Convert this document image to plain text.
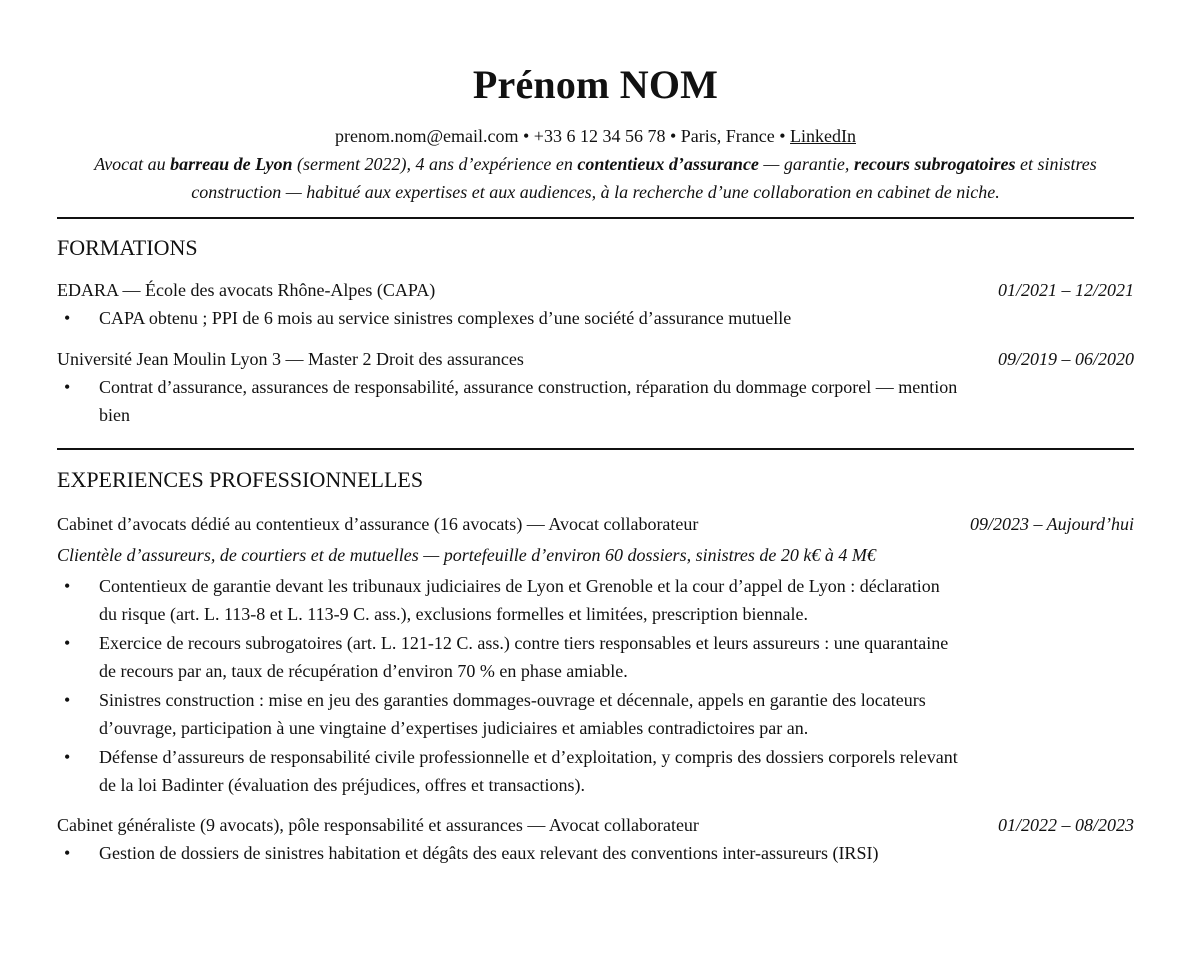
Prénom NOM
prenom.nom@email.com • +33 6 12 34 56 78 • Paris, France • LinkedIn
Avocat au barreau de Lyon (serment 2022), 4 ans d’expérience en contentieux d’assurance — garantie, recours subrogatoires et sinistres construction — habitué aux expertises et aux audiences, à la recherche d’une collaboration en cabinet de niche.
FORMATIONS
EDARA — École des avocats Rhône-Alpes (CAPA)	01/2021 – 12/2021
• CAPA obtenu ; PPI de 6 mois au service sinistres complexes d’une société d’assurance mutuelle
Université Jean Moulin Lyon 3 — Master 2 Droit des assurances	09/2019 – 06/2020
• Contrat d’assurance, assurances de responsabilité, assurance construction, réparation du dommage corporel — mention bien
EXPERIENCES PROFESSIONNELLES
Cabinet d’avocats dédié au contentieux d’assurance (16 avocats) — Avocat collaborateur	09/2023 – Aujourd’hui
Clientèle d’assureurs, de courtiers et de mutuelles — portefeuille d’environ 60 dossiers, sinistres de 20 k€ à 4 M€
• Contentieux de garantie devant les tribunaux judiciaires de Lyon et Grenoble et la cour d’appel de Lyon : déclaration du risque (art. L. 113-8 et L. 113-9 C. ass.), exclusions formelles et limitées, prescription biennale.
• Exercice de recours subrogatoires (art. L. 121-12 C. ass.) contre tiers responsables et leurs assureurs : une quarantaine de recours par an, taux de récupération d’environ 70 % en phase amiable.
• Sinistres construction : mise en jeu des garanties dommages-ouvrage et décennale, appels en garantie des locateurs d’ouvrage, participation à une vingtaine d’expertises judiciaires et amiables contradictoires par an.
• Défense d’assureurs de responsabilité civile professionnelle et d’exploitation, y compris des dossiers corporels relevant de la loi Badinter (évaluation des préjudices, offres et transactions).
Cabinet généraliste (9 avocats), pôle responsabilité et assurances — Avocat collaborateur	01/2022 – 08/2023
• Gestion de dossiers de sinistres habitation et dégâts des eaux relevant des conventions inter-assureurs (IRSI)
